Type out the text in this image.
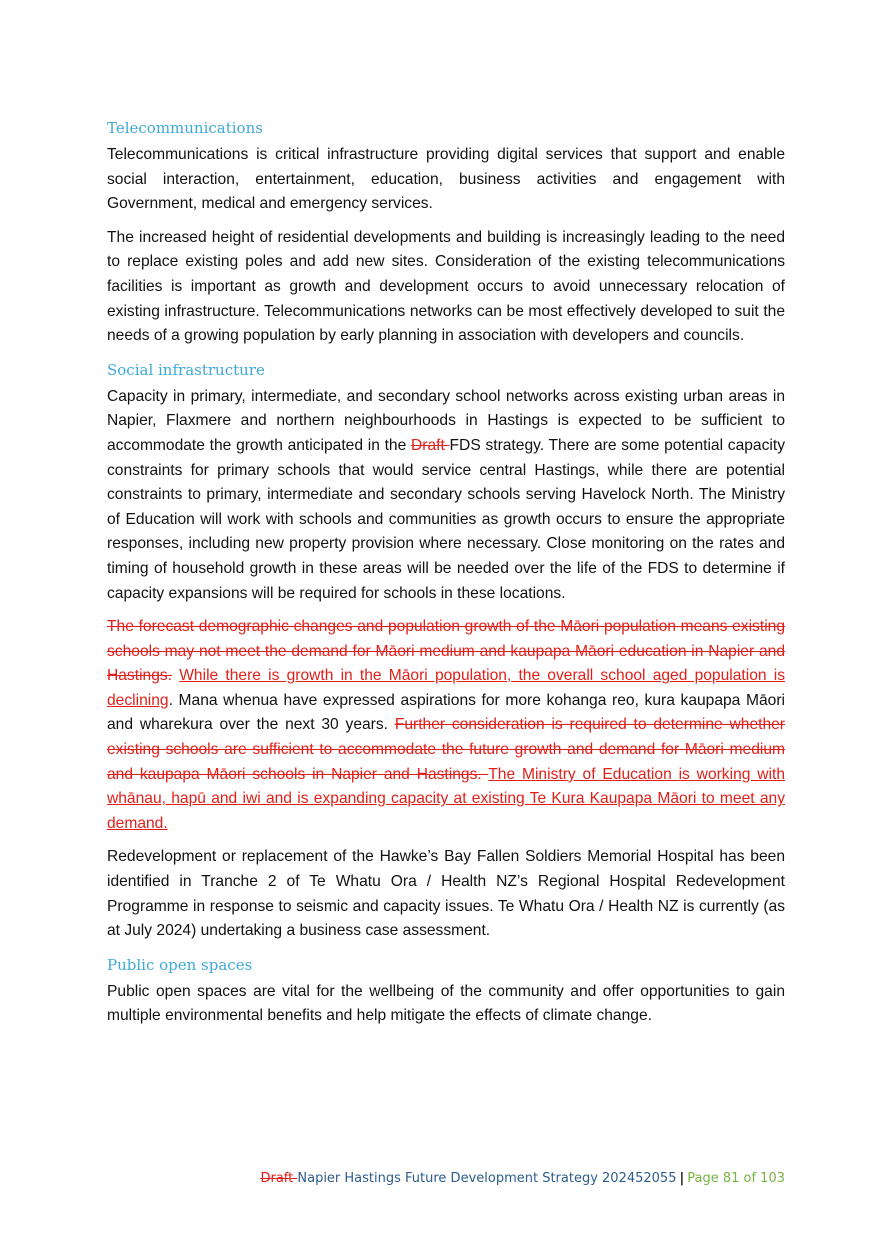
Telecommunications

Telecommunications is critical infrastructure providing digital services that support and enable social interaction, entertainment, education, business activities and engagement with Government, medical and emergency services.

The increased height of residential developments and building is increasingly leading to the need to replace existing poles and add new sites. Consideration of the existing telecommunications facilities is important as growth and development occurs to avoid unnecessary relocation of existing infrastructure. Telecommunications networks can be most effectively developed to suit the needs of a growing population by early planning in association with developers and councils.

Social infrastructure

Capacity in primary, intermediate, and secondary school networks across existing urban areas in Napier, Flaxmere and northern neighbourhoods in Hastings is expected to be sufficient to accommodate the growth anticipated in the Draft FDS strategy. There are some potential capacity constraints for primary schools that would service central Hastings, while there are potential constraints to primary, intermediate and secondary schools serving Havelock North. The Ministry of Education will work with schools and communities as growth occurs to ensure the appropriate responses, including new property provision where necessary. Close monitoring on the rates and timing of household growth in these areas will be needed over the life of the FDS to determine if capacity expansions will be required for schools in these locations.

The forecast demographic changes and population growth of the Māori population means existing schools may not meet the demand for Māori medium and kaupapa Māori education in Napier and Hastings. While there is growth in the Māori population, the overall school aged population is declining. Mana whenua have expressed aspirations for more kohanga reo, kura kaupapa Māori and wharekura over the next 30 years. Further consideration is required to determine whether existing schools are sufficient to accommodate the future growth and demand for Māori medium and kaupapa Māori schools in Napier and Hastings. The Ministry of Education is working with whānau, hapū and iwi and is expanding capacity at existing Te Kura Kaupapa Māori to meet any demand.

Redevelopment or replacement of the Hawke’s Bay Fallen Soldiers Memorial Hospital has been identified in Tranche 2 of Te Whatu Ora / Health NZ’s Regional Hospital Redevelopment Programme in response to seismic and capacity issues. Te Whatu Ora / Health NZ is currently (as at July 2024) undertaking a business case assessment.

Public open spaces

Public open spaces are vital for the wellbeing of the community and offer opportunities to gain multiple environmental benefits and help mitigate the effects of climate change.

Draft Napier Hastings Future Development Strategy 202452055 | Page 81 of 103
